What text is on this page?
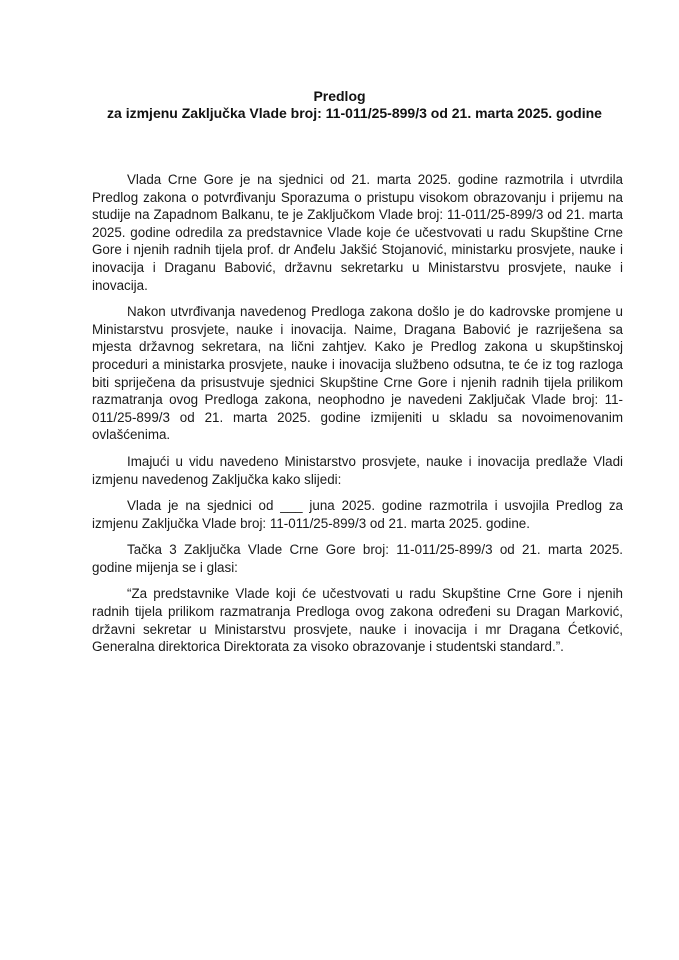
Predlog
za izmjenu Zaključka Vlade broj: 11-011/25-899/3 od 21. marta 2025. godine

Vlada Crne Gore je na sjednici od 21. marta 2025. godine razmotrila i utvrdila
Predlog zakona o potvrđivanju Sporazuma o pristupu visokom obrazovanju i prijemu na
studije na Zapadnom Balkanu, te je Zaključkom Vlade broj: 11-011/25-899/3 od 21. marta
2025. godine odredila za predstavnice Vlade koje će učestvovati u radu Skupštine Crne
Gore i njenih radnih tijela prof. dr Anđelu Jakšić Stojanović, ministarku prosvjete, nauke i
inovacija i Draganu Babović, državnu sekretarku u Ministarstvu prosvjete, nauke i
inovacija.

Nakon utvrđivanja navedenog Predloga zakona došlo je do kadrovske promjene u
Ministarstvu prosvjete, nauke i inovacija. Naime, Dragana Babović je razriješena sa
mjesta državnog sekretara, na lični zahtjev. Kako je Predlog zakona u skupštinskoj
proceduri a ministarka prosvjete, nauke i inovacija službeno odsutna, te će iz tog razloga
biti spriječena da prisustvuje sjednici Skupštine Crne Gore i njenih radnih tijela prilikom
razmatranja ovog Predloga zakona, neophodno je navedeni Zaključak Vlade broj: 11-
011/25-899/3 od 21. marta 2025. godine izmijeniti u skladu sa novoimenovanim
ovlašćenima.

Imajući u vidu navedeno Ministarstvo prosvjete, nauke i inovacija predlaže Vladi
izmjenu navedenog Zaključka kako slijedi:

Vlada je na sjednici od ___ juna 2025. godine razmotrila i usvojila Predlog za
izmjenu Zaključka Vlade broj: 11-011/25-899/3 od 21. marta 2025. godine.

Tačka 3 Zaključka Vlade Crne Gore broj: 11-011/25-899/3 od 21. marta 2025.
godine mijenja se i glasi:

“Za predstavnike Vlade koji će učestvovati u radu Skupštine Crne Gore i njenih
radnih tijela prilikom razmatranja Predloga ovog zakona određeni su Dragan Marković,
državni sekretar u Ministarstvu prosvjete, nauke i inovacija i mr Dragana Ćetković,
Generalna direktorica Direktorata za visoko obrazovanje i studentski standard.”.
